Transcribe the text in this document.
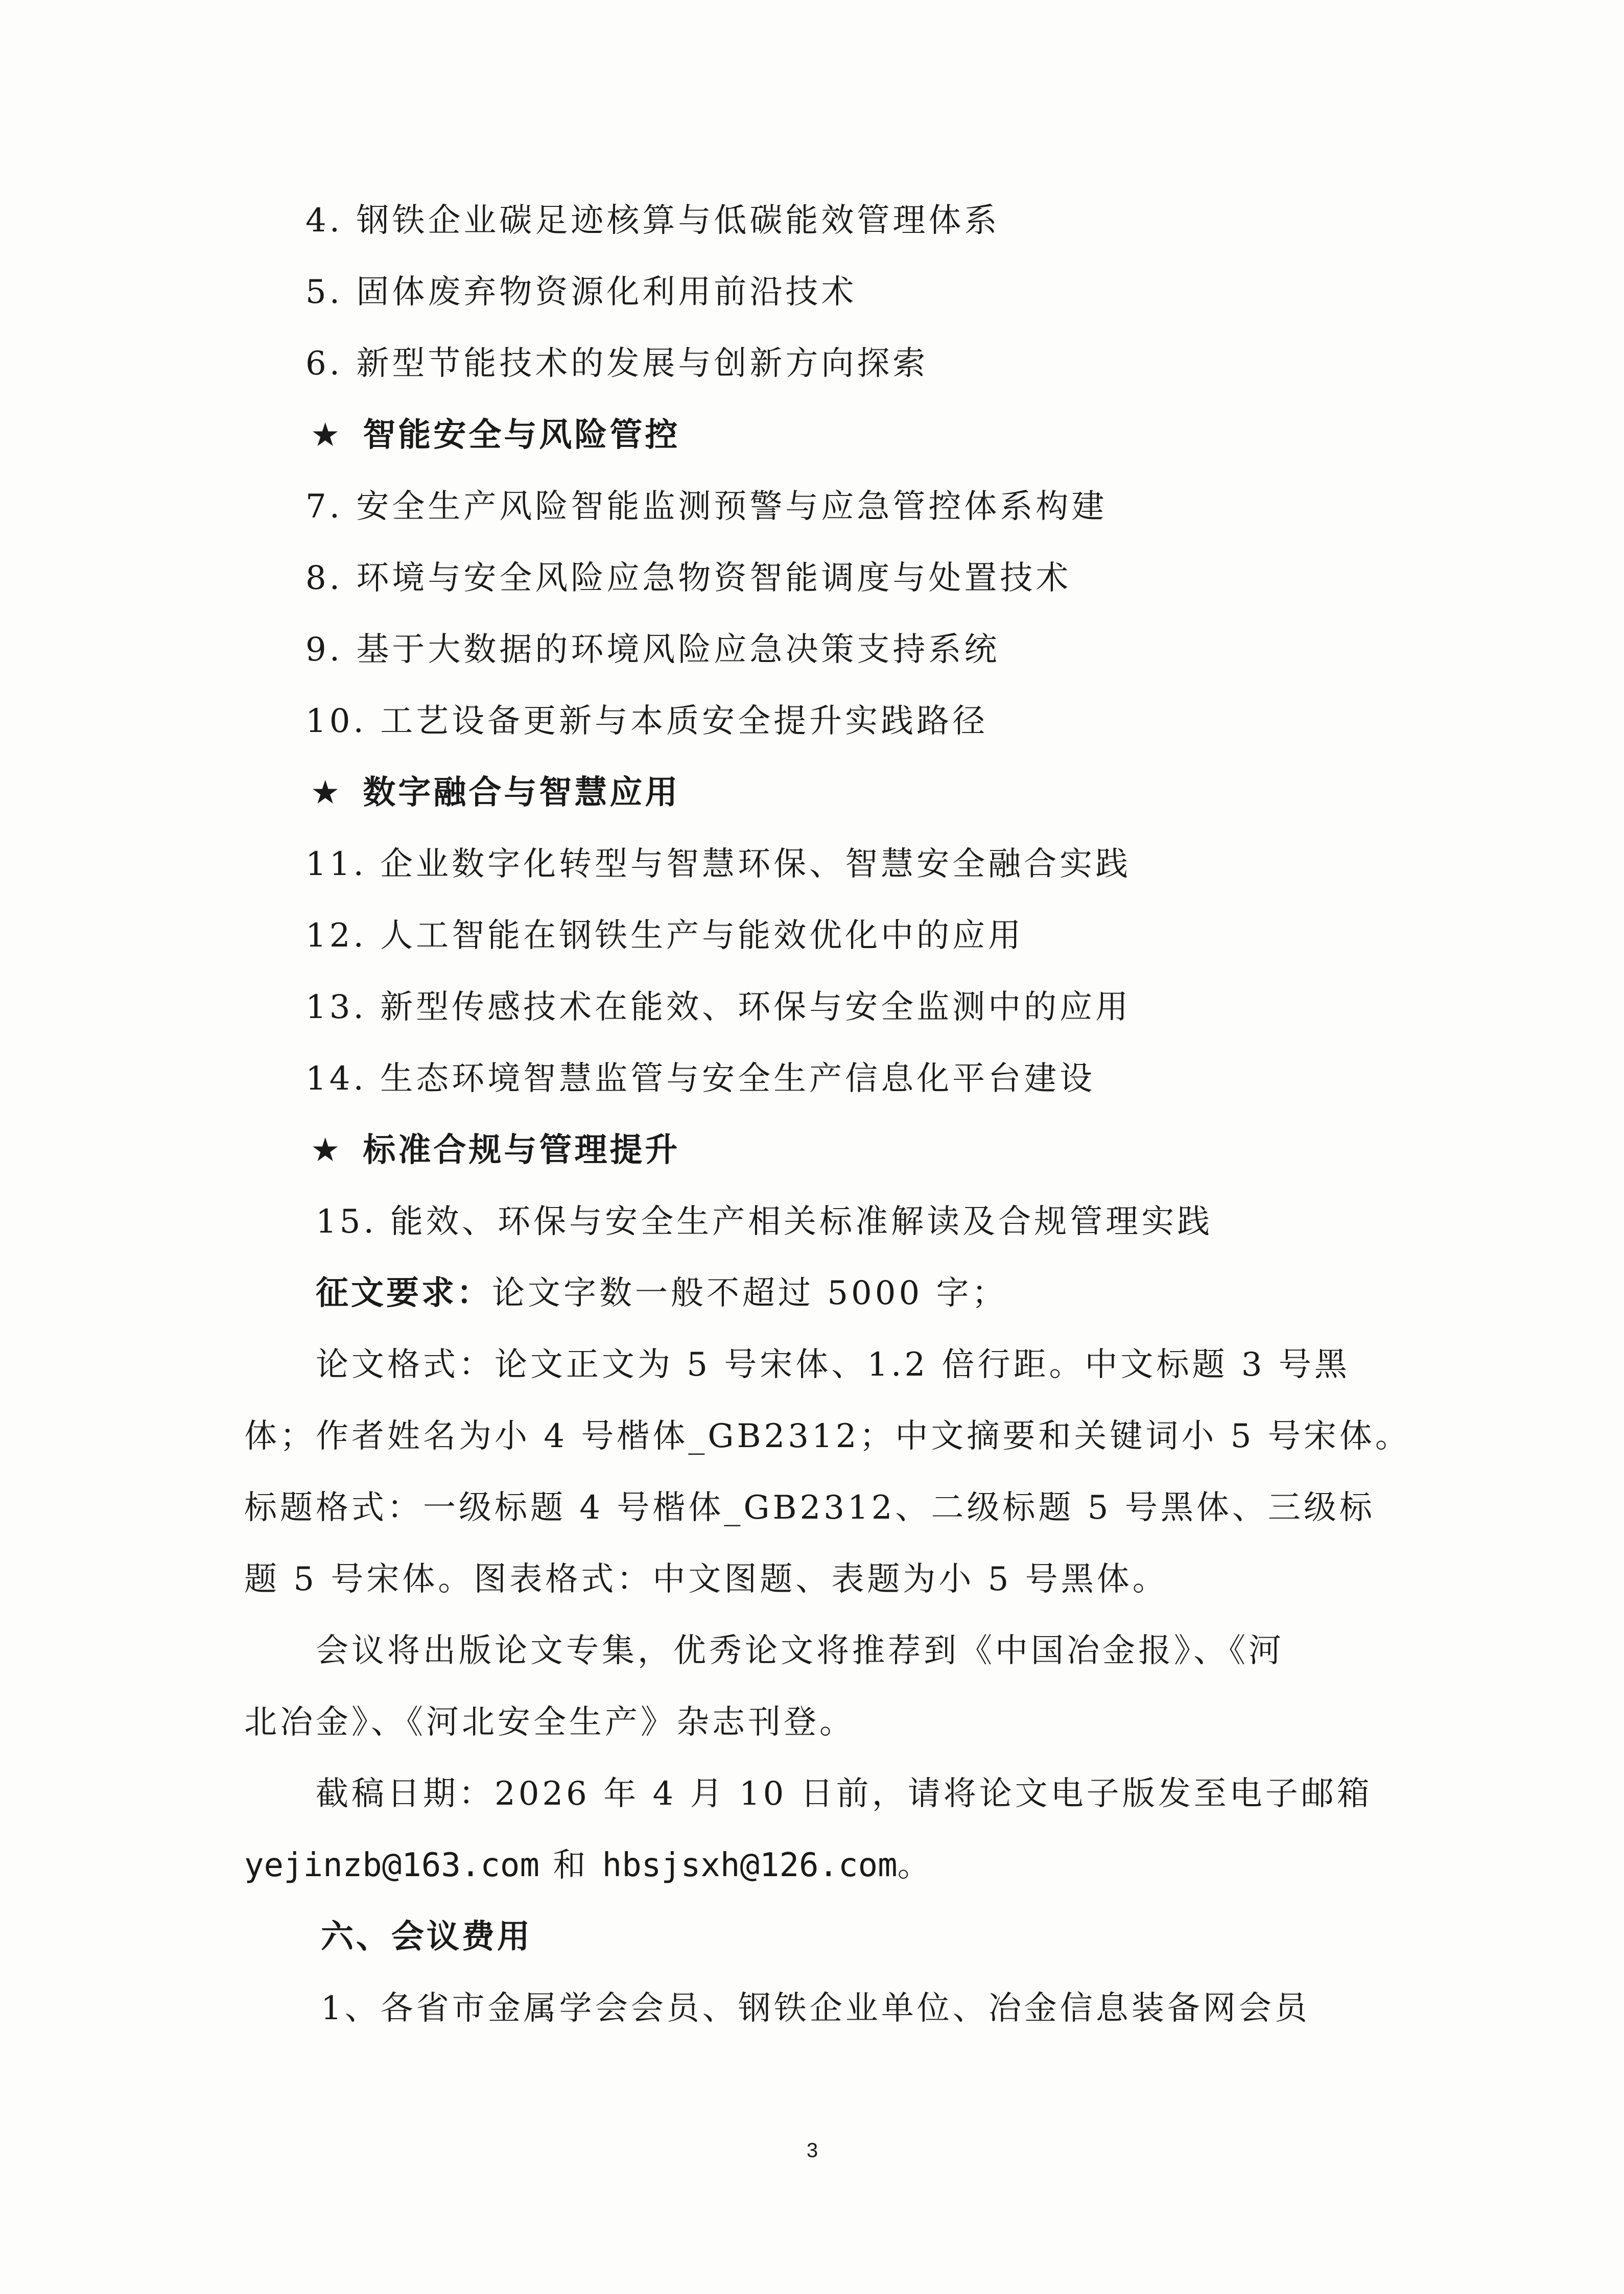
4. 钢铁企业碳足迹核算与低碳能效管理体系
5. 固体废弃物资源化利用前沿技术
6. 新型节能技术的发展与创新方向探索
★ 智能安全与风险管控
7. 安全生产风险智能监测预警与应急管控体系构建
8. 环境与安全风险应急物资智能调度与处置技术
9. 基于大数据的环境风险应急决策支持系统
10. 工艺设备更新与本质安全提升实践路径
★ 数字融合与智慧应用
11. 企业数字化转型与智慧环保、智慧安全融合实践
12. 人工智能在钢铁生产与能效优化中的应用
13. 新型传感技术在能效、环保与安全监测中的应用
14. 生态环境智慧监管与安全生产信息化平台建设
★ 标准合规与管理提升
15. 能效、环保与安全生产相关标准解读及合规管理实践
征文要求：论文字数一般不超过 5000 字；
论文格式：论文正文为 5 号宋体、1.2 倍行距。中文标题 3 号黑
体；作者姓名为小 4 号楷体_GB2312；中文摘要和关键词小 5 号宋体。
标题格式：一级标题 4 号楷体_GB2312、二级标题 5 号黑体、三级标
题 5 号宋体。图表格式：中文图题、表题为小 5 号黑体。
会议将出版论文专集，优秀论文将推荐到《中国冶金报》、《河
北冶金》、《河北安全生产》杂志刊登。
截稿日期：2026 年 4 月 10 日前，请将论文电子版发至电子邮箱
yejinzb@163.com 和 hbsjsxh@126.com。
六、会议费用
1、各省市金属学会会员、钢铁企业单位、冶金信息装备网会员
3
